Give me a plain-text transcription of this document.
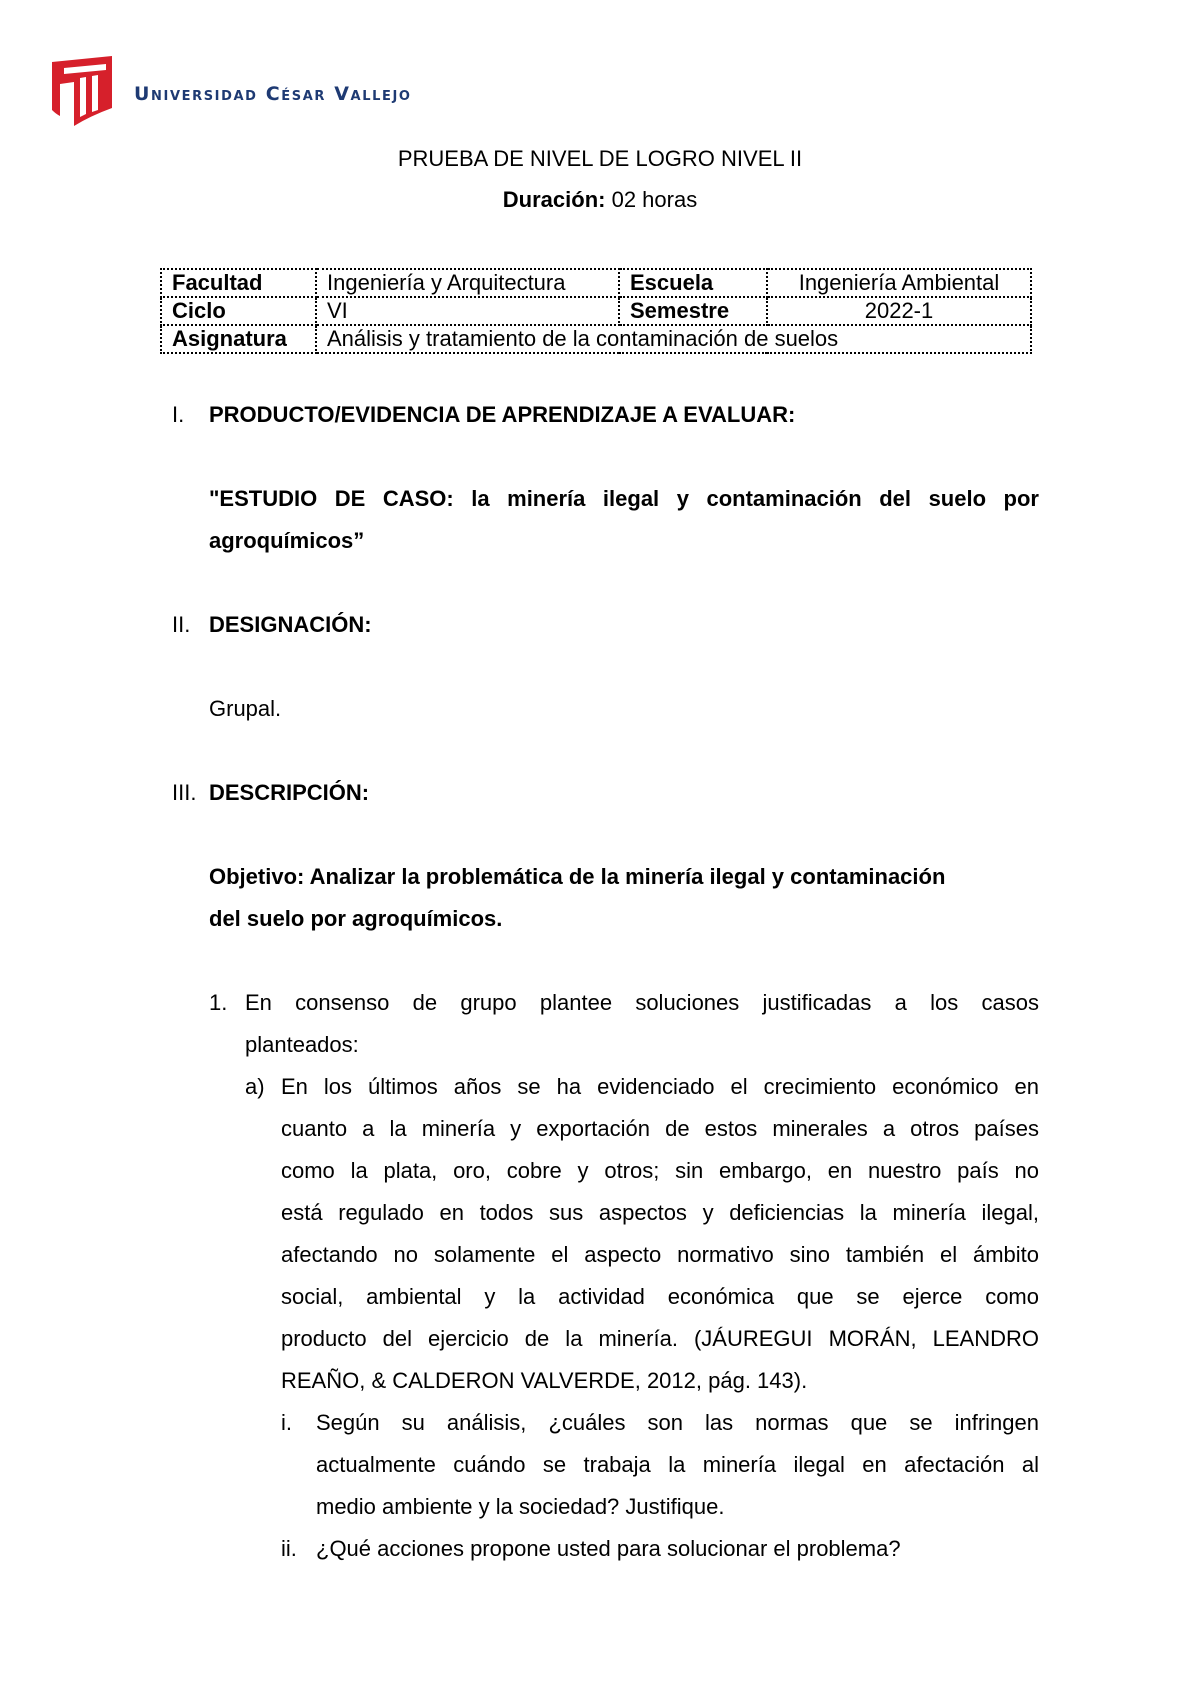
Universidad César Vallejo
PRUEBA DE NIVEL DE LOGRO NIVEL II
Duración: 02 horas
Facultad	Ingeniería y Arquitectura	Escuela	Ingeniería Ambiental
Ciclo	VI	Semestre	2022-1
Asignatura	Análisis y tratamiento de la contaminación de suelos		
I. PRODUCTO/EVIDENCIA DE APRENDIZAJE A EVALUAR:
"ESTUDIO DE CASO: la minería ilegal y contaminación del suelo por
agroquímicos”
II. DESIGNACIÓN:
Grupal.
III. DESCRIPCIÓN:
Objetivo: Analizar la problemática de la minería ilegal y contaminación
del suelo por agroquímicos.
1. En consenso de grupo plantee soluciones justificadas a los casos
planteados:
a) En los últimos años se ha evidenciado el crecimiento económico en
cuanto a la minería y exportación de estos minerales a otros países
como la plata, oro, cobre y otros; sin embargo, en nuestro país no
está regulado en todos sus aspectos y deficiencias la minería ilegal,
afectando no solamente el aspecto normativo sino también el ámbito
social, ambiental y la actividad económica que se ejerce como
producto del ejercicio de la minería. (JÁUREGUI MORÁN, LEANDRO
REAÑO, & CALDERON VALVERDE, 2012, pág. 143).
i. Según su análisis, ¿cuáles son las normas que se infringen
actualmente cuándo se trabaja la minería ilegal en afectación al
medio ambiente y la sociedad? Justifique.
ii. ¿Qué acciones propone usted para solucionar el problema?
